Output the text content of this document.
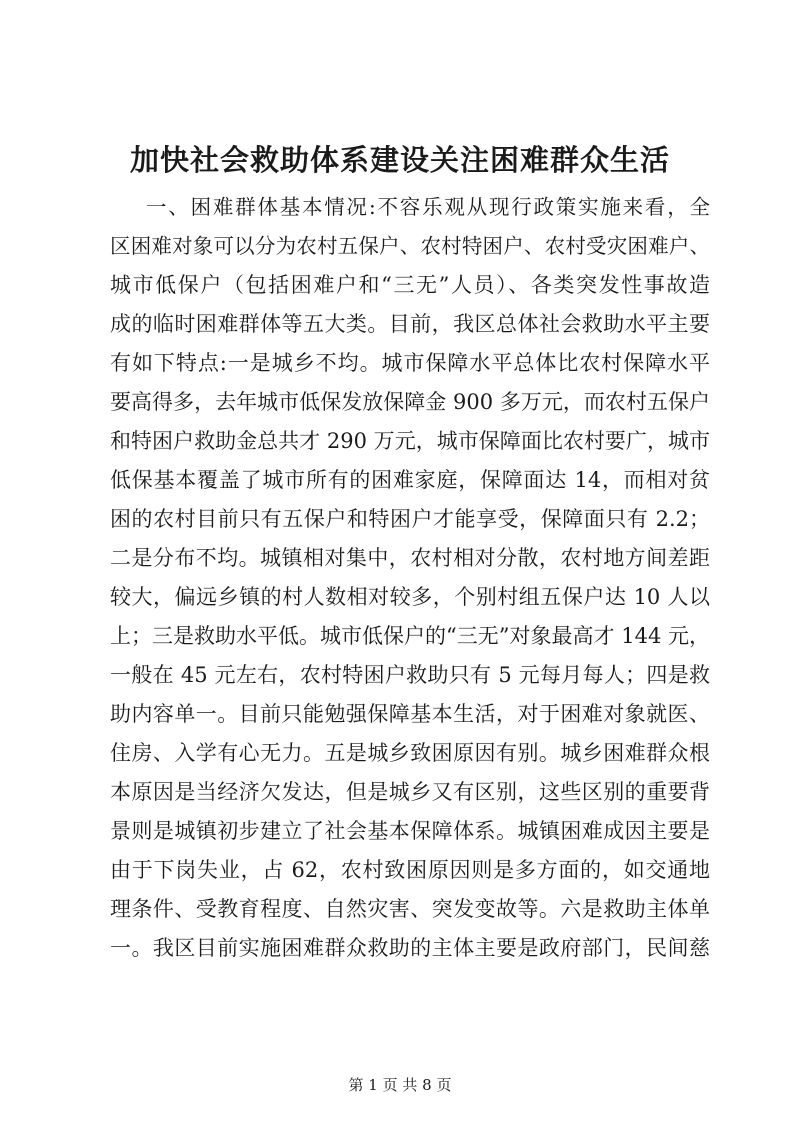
加快社会救助体系建设关注困难群众生活
一、困难群体基本情况:不容乐观从现行政策实施来看，全
区困难对象可以分为农村五保户、农村特困户、农村受灾困难户、
城市低保户（包括困难户和“三无”人员）、各类突发性事故造
成的临时困难群体等五大类。目前，我区总体社会救助水平主要
有如下特点:一是城乡不均。城市保障水平总体比农村保障水平
要高得多，去年城市低保发放保障金 900 多万元，而农村五保户
和特困户救助金总共才 290 万元，城市保障面比农村要广，城市
低保基本覆盖了城市所有的困难家庭，保障面达 14，而相对贫
困的农村目前只有五保户和特困户才能享受，保障面只有 2.2；
二是分布不均。城镇相对集中，农村相对分散，农村地方间差距
较大，偏远乡镇的村人数相对较多，个别村组五保户达 10 人以
上；三是救助水平低。城市低保户的“三无”对象最高才 144 元，
一般在 45 元左右，农村特困户救助只有 5 元每月每人；四是救
助内容单一。目前只能勉强保障基本生活，对于困难对象就医、
住房、入学有心无力。五是城乡致困原因有别。城乡困难群众根
本原因是当经济欠发达，但是城乡又有区别，这些区别的重要背
景则是城镇初步建立了社会基本保障体系。城镇困难成因主要是
由于下岗失业，占 62，农村致困原因则是多方面的，如交通地
理条件、受教育程度、自然灾害、突发变故等。六是救助主体单
一。我区目前实施困难群众救助的主体主要是政府部门，民间慈
第 1 页 共 8 页
